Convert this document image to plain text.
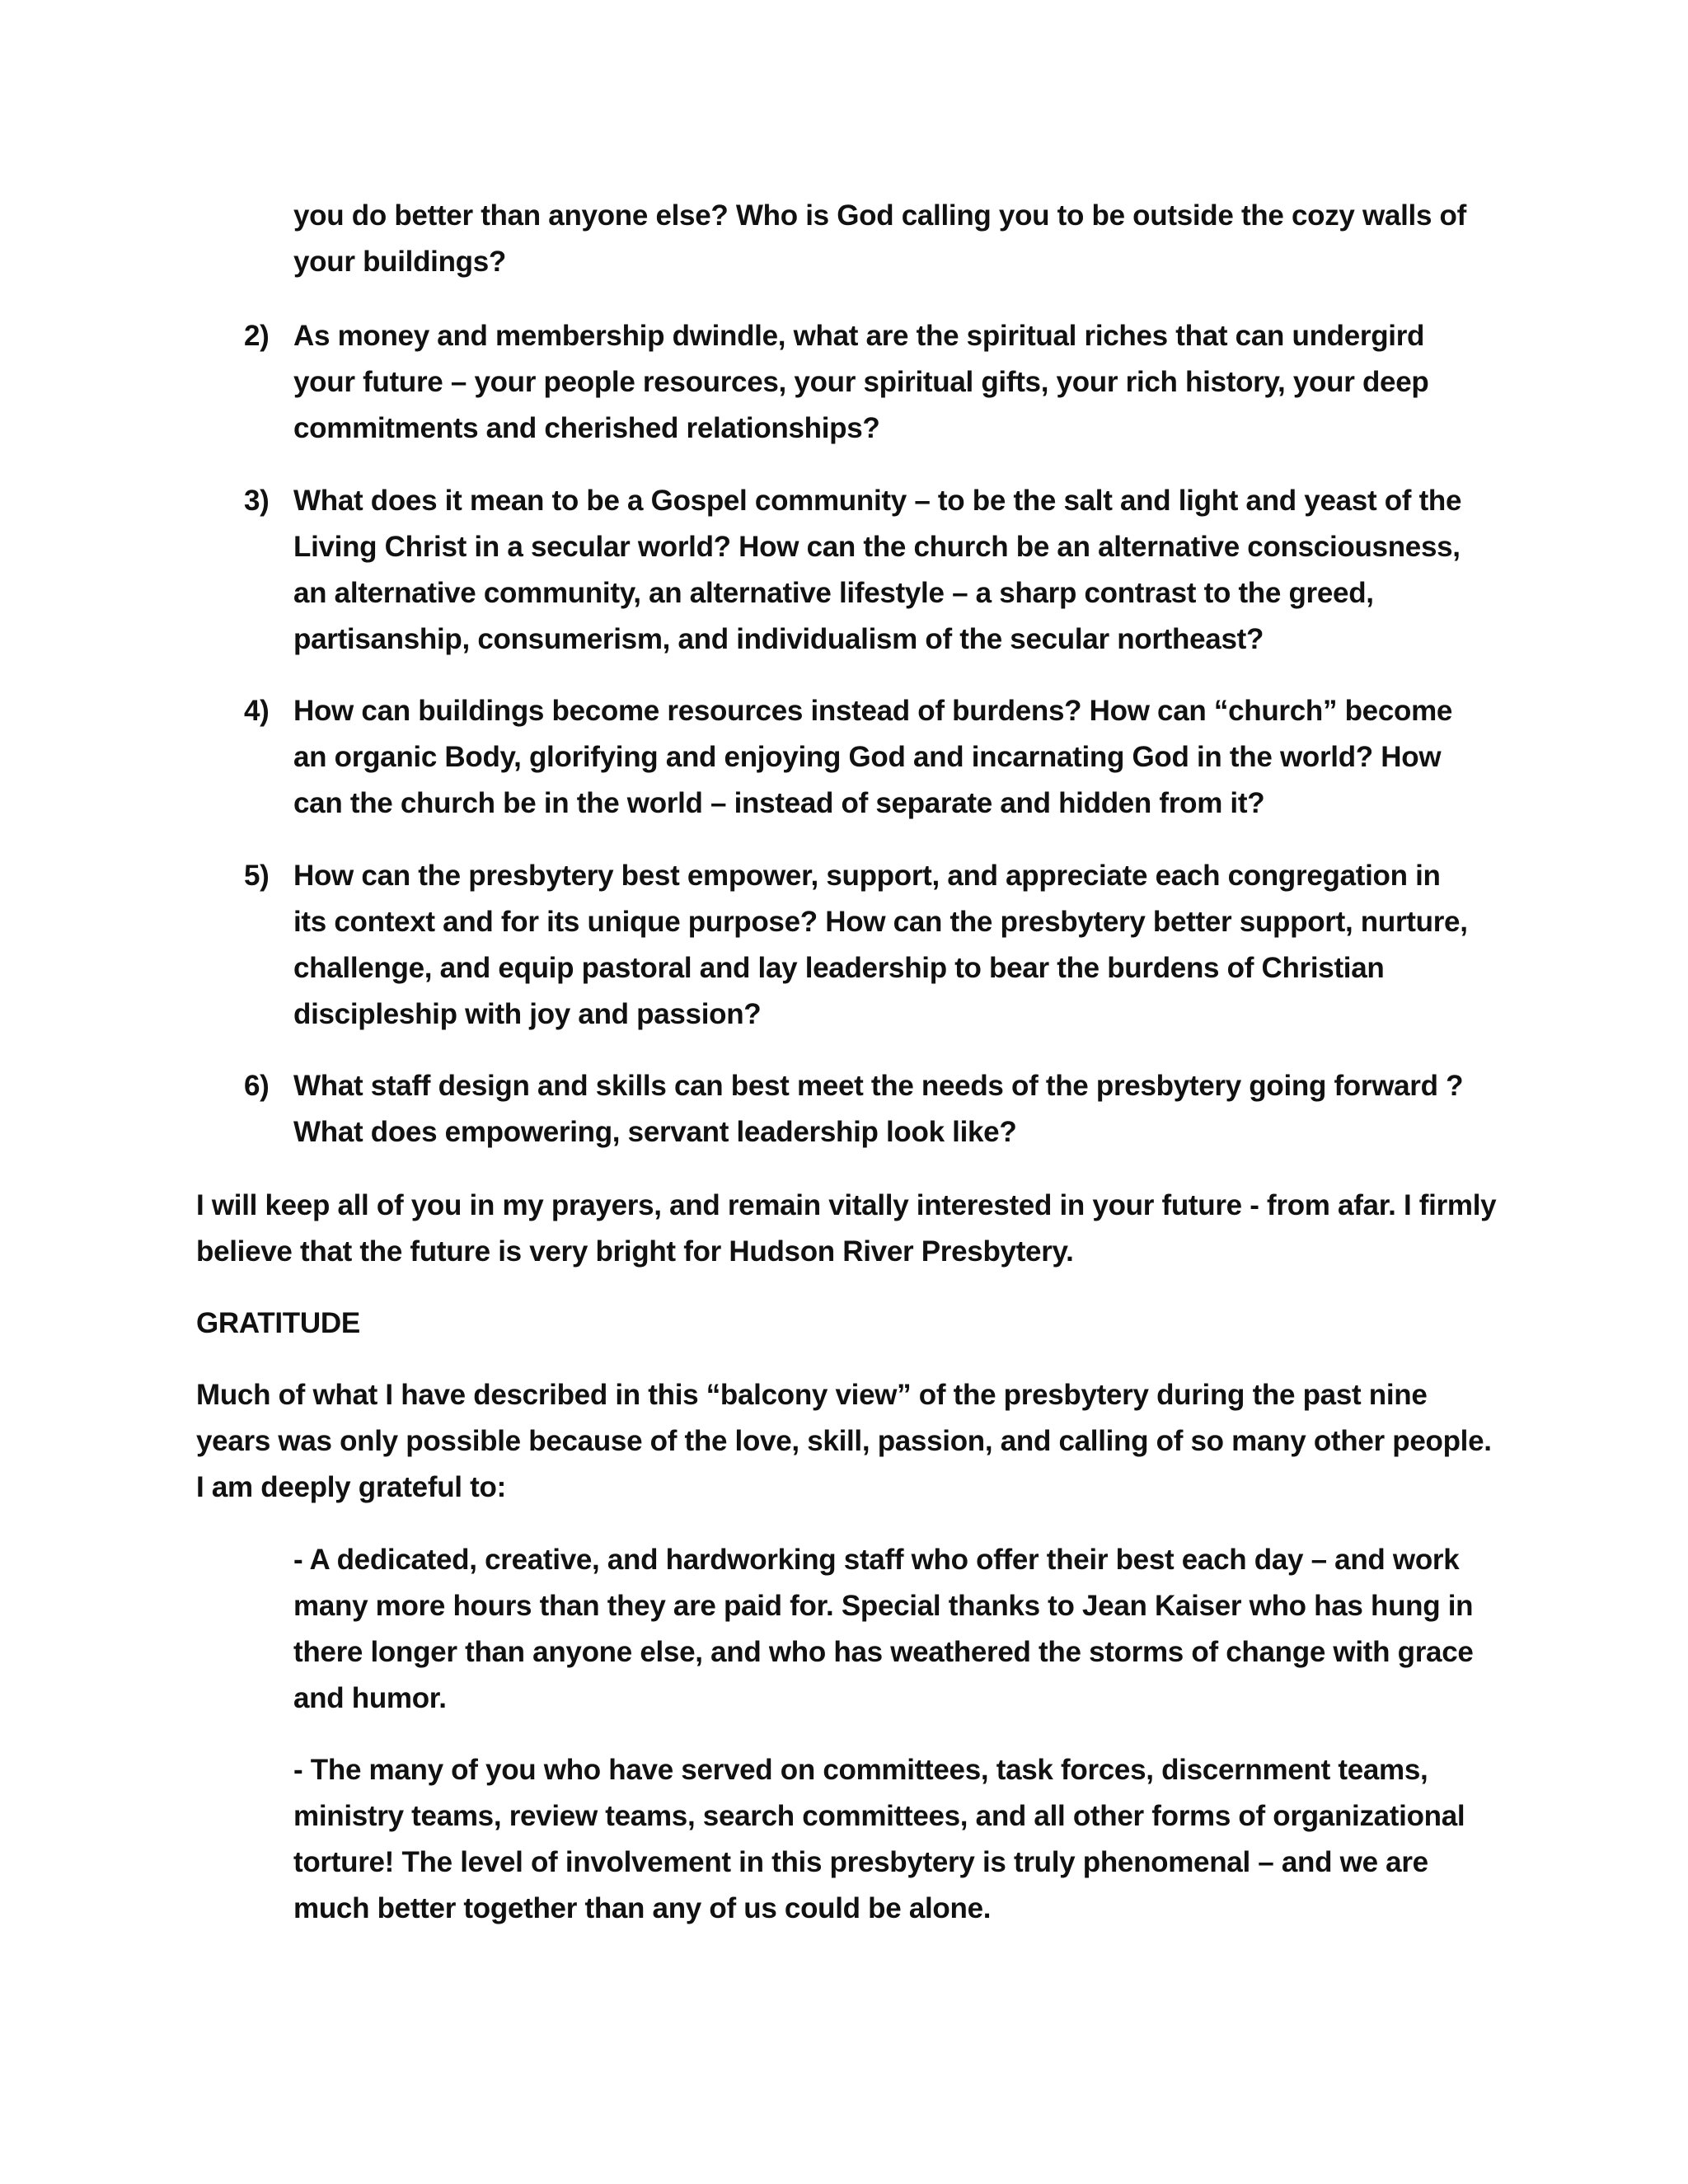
you do better than anyone else? Who is God calling you to be outside the cozy walls of your buildings?

2) As money and membership dwindle, what are the spiritual riches that can undergird your future – your people resources, your spiritual gifts, your rich history, your deep commitments and cherished relationships?

3) What does it mean to be a Gospel community – to be the salt and light and yeast of the Living Christ in a secular world? How can the church be an alternative consciousness, an alternative community, an alternative lifestyle – a sharp contrast to the greed, partisanship, consumerism, and individualism of the secular northeast?

4) How can buildings become resources instead of burdens? How can “church” become an organic Body, glorifying and enjoying God and incarnating God in the world? How can the church be in the world – instead of separate and hidden from it?

5) How can the presbytery best empower, support, and appreciate each congregation in its context and for its unique purpose? How can the presbytery better support, nurture, challenge, and equip pastoral and lay leadership to bear the burdens of Christian discipleship with joy and passion?

6) What staff design and skills can best meet the needs of the presbytery going forward ? What does empowering, servant leadership look like?

I will keep all of you in my prayers, and remain vitally interested in your future - from afar. I firmly believe that the future is very bright for Hudson River Presbytery.

GRATITUDE

Much of what I have described in this “balcony view” of the presbytery during the past nine years was only possible because of the love, skill, passion, and calling of so many other people. I am deeply grateful to:

- A dedicated, creative, and hardworking staff who offer their best each day – and work many more hours than they are paid for. Special thanks to Jean Kaiser who has hung in there longer than anyone else, and who has weathered the storms of change with grace and humor.

- The many of you who have served on committees, task forces, discernment teams, ministry teams, review teams, search committees, and all other forms of organizational torture! The level of involvement in this presbytery is truly phenomenal – and we are much better together than any of us could be alone.
